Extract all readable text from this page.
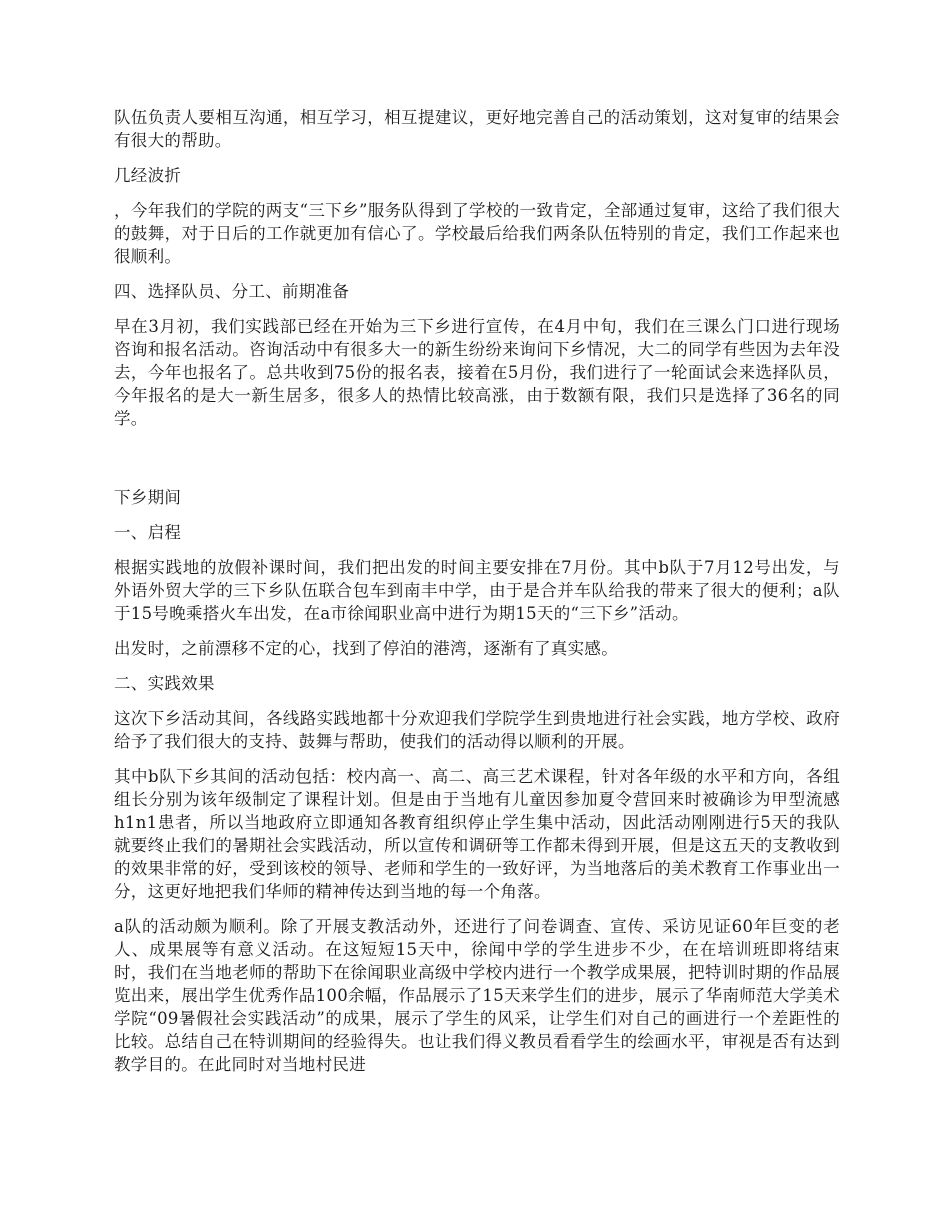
队伍负责人要相互沟通，相互学习，相互提建议，更好地完善自己的活动策划，这对复审的结果会有很大的帮助。

几经波折

，今年我们的学院的两支“三下乡”服务队得到了学校的一致肯定，全部通过复审，这给了我们很大的鼓舞，对于日后的工作就更加有信心了。学校最后给我们两条队伍特别的肯定，我们工作起来也很顺利。

四、选择队员、分工、前期准备

早在3月初，我们实践部已经在开始为三下乡进行宣传，在4月中旬，我们在三课么门口进行现场咨询和报名活动。咨询活动中有很多大一的新生纷纷来询问下乡情况，大二的同学有些因为去年没去，今年也报名了。总共收到75份的报名表，接着在5月份，我们进行了一轮面试会来选择队员，今年报名的是大一新生居多，很多人的热情比较高涨，由于数额有限，我们只是选择了36名的同学。

下乡期间

一、启程

根据实践地的放假补课时间，我们把出发的时间主要安排在7月份。其中b队于7月12号出发，与外语外贸大学的三下乡队伍联合包车到南丰中学，由于是合并车队给我的带来了很大的便利；a队于15号晚乘搭火车出发，在a市徐闻职业高中进行为期15天的“三下乡”活动。

出发时，之前漂移不定的心，找到了停泊的港湾，逐渐有了真实感。

二、实践效果

这次下乡活动其间，各线路实践地都十分欢迎我们学院学生到贵地进行社会实践，地方学校、政府给予了我们很大的支持、鼓舞与帮助，使我们的活动得以顺利的开展。

其中b队下乡其间的活动包括：校内高一、高二、高三艺术课程，针对各年级的水平和方向，各组组长分别为该年级制定了课程计划。但是由于当地有儿童因参加夏令营回来时被确诊为甲型流感h1n1患者，所以当地政府立即通知各教育组织停止学生集中活动，因此活动刚刚进行5天的我队就要终止我们的暑期社会实践活动，所以宣传和调研等工作都未得到开展，但是这五天的支教收到的效果非常的好，受到该校的领导、老师和学生的一致好评，为当地落后的美术教育工作事业出一分，这更好地把我们华师的精神传达到当地的每一个角落。

a队的活动颇为顺利。除了开展支教活动外，还进行了问卷调查、宣传、采访见证60年巨变的老人、成果展等有意义活动。在这短短15天中，徐闻中学的学生进步不少，在在培训班即将结束时，我们在当地老师的帮助下在徐闻职业高级中学校内进行一个教学成果展，把特训时期的作品展览出来，展出学生优秀作品100余幅，作品展示了15天来学生们的进步，展示了华南师范大学美术学院“09暑假社会实践活动”的成果，展示了学生的风采，让学生们对自己的画进行一个差距性的比较。总结自己在特训期间的经验得失。也让我们得义教员看看学生的绘画水平，审视是否有达到教学目的。在此同时对当地村民进
